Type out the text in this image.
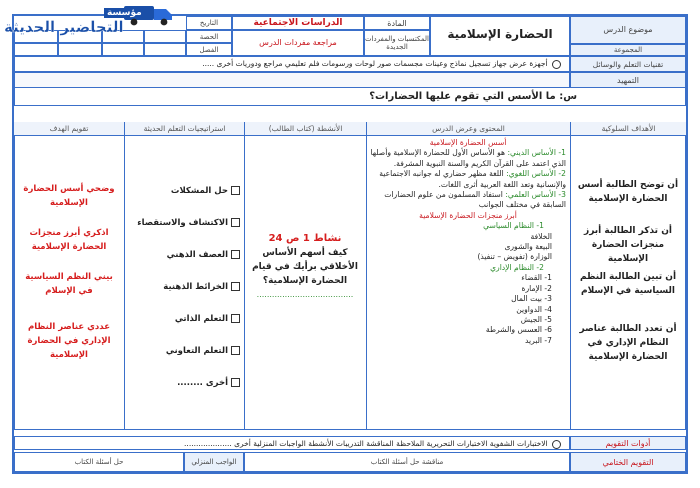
مؤسسة
التحاضير الحديثة	موضوع الدرس
الحضارة الإسلامية
المجموعة
المادة
الدراسات الاجتماعية
المكتسبات والمفردات الجديدة
مراجعة مفردات الدرس
التاريخ
الحصة
الفصل
تقنيات التعلم والوسائل
أجهزة عرض جهاز تسجيل نماذج وعينات مجسمات صور لوحات ورسومات فلم تعليمي مراجع ودوريات أخرى .....
التمهيد
س: ما الأسس التي تقوم عليها الحضارات؟
الأهداف السلوكية
المحتوى وعرض الدرس
الأنشطة (كتاب الطالب)
استراتيجيات التعلم الحديثة
تقويم الهدف
أن توضح الطالبة أسس الحضارة الإسلامية
أن تذكر الطالبة أبرز منجزات الحضارة الإسلامية
أن تبين الطالبة النظم السياسية في الإسلام
أن تعدد الطالبة عناصر النظام الإداري في الحضارة الإسلامية
أسس الحضارة الإسلامية
1- الأساس الديني: هو الأساس الأول للحضارة الإسلامية وأصلها الذي اعتمد على القرآن الكريم والسنة النبوية المشرفة.
2- الأساس اللغوي: اللغة مظهر حضاري له جوانبه الاجتماعية والإنسانية وتعد اللغة العربية أثرى اللغات.
3- الأساس العلمي: استفاد المسلمون من علوم الحضارات السابقة في مختلف الجوانب
أبرز منجزات الحضارة الإسلامية
1- النظام السياسي
الخلافة
البيعة والشورى
الوزارة (تفويض – تنفيذ)
2- النظام الإداري
1- القضاء
2- الإمارة
3- بيت المال
4- الدواوين
5- الجيش
6- العسس والشرطة
7- البريد
نشاط 1 ص 24
كيف أسهم الأساس الأخلاقي برأيك في قيام الحضارة الإسلامية؟
......................................
حل المشكلات
الاكتشاف والاستقصاء
العصف الذهني
الخرائط الذهنية
التعلم الذاتي
التعلم التعاوني
أخرى ........
وضحي أسس الحضارة الإسلامية
اذكري أبرز منجزات الحضارة الإسلامية
بيني النظم السياسية في الإسلام
عددي عناصر النظام الإداري في الحضارة الإسلامية
أدوات التقويم
الاختبارات الشفوية الاختبارات التحريرية الملاحظة المناقشة التدريبات الأنشطة الواجبات المنزلية أخرى ....................
التقويم الختامي
مناقشة حل أسئلة الكتاب
الواجب المنزلي
حل أسئلة الكتاب
